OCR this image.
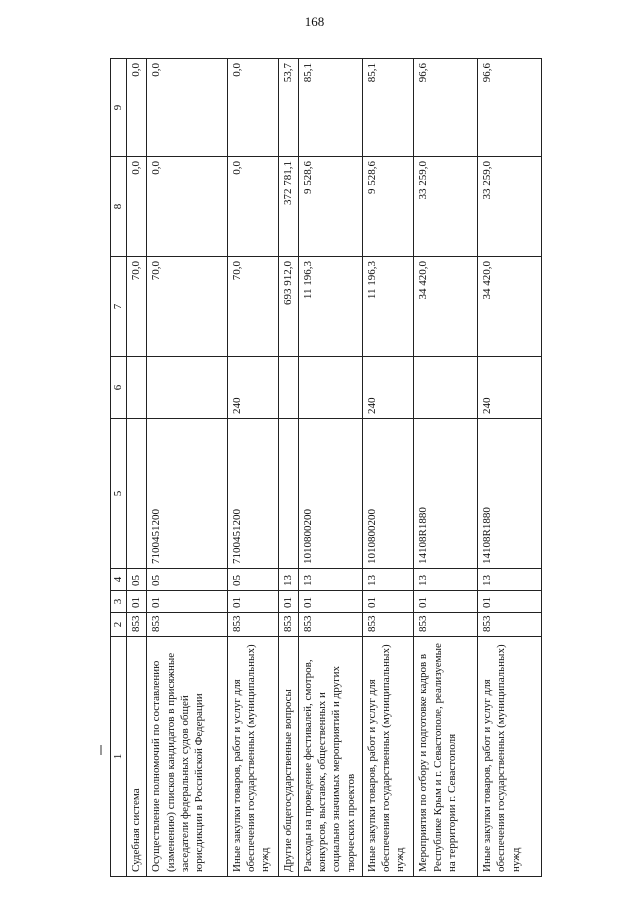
168
1	2	3	4	5	6	7	8	9
Судебная система	853	01	05			70,0	0,0	0,0
Осуществление полномочий по составлению (изменению) списков кандидатов в присяжные заседатели федеральных судов общей юрисдикции в Российской Федерации	853	01	05	7100451200		70,0	0,0	0,0
Иные закупки товаров, работ и услуг для обеспечения государственных (муниципальных) нужд	853	01	05	7100451200	240	70,0	0,0	0,0
Другие общегосударственные вопросы	853	01	13			693 912,0	372 781,1	53,7
Расходы на проведение фестивалей, смотров, конкурсов, выставок, общественных и социально значимых мероприятий и других творческих проектов	853	01	13	1010800200		11 196,3	9 528,6	85,1
Иные закупки товаров, работ и услуг для обеспечения государственных (муниципальных) нужд	853	01	13	1010800200	240	11 196,3	9 528,6	85,1
Мероприятия по отбору и подготовке кадров в Республике Крым и г. Севастополе, реализуемые на территории г. Севастополя	853	01	13	14108R1880		34 420,0	33 259,0	96,6
Иные закупки товаров, работ и услуг для обеспечения государственных (муниципальных) нужд	853	01	13	14108R1880	240	34 420,0	33 259,0	96,6
